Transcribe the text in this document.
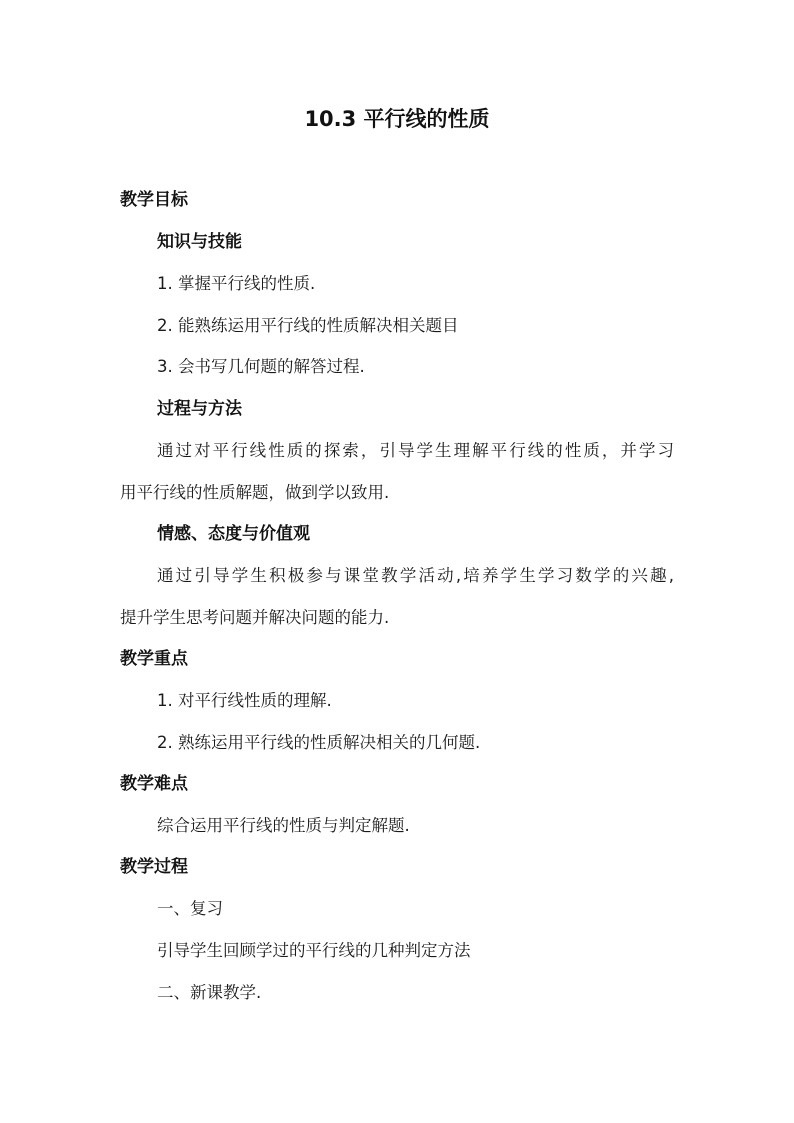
10.3 平行线的性质
教学目标
知识与技能
1. 掌握平行线的性质.
2. 能熟练运用平行线的性质解决相关题目
3. 会书写几何题的解答过程.
过程与方法
通过对平行线性质的探索，引导学生理解平行线的性质，并学习
用平行线的性质解题，做到学以致用.
情感、态度与价值观
通过引导学生积极参与课堂教学活动,培养学生学习数学的兴趣,
提升学生思考问题并解决问题的能力.
教学重点
1. 对平行线性质的理解.
2. 熟练运用平行线的性质解决相关的几何题.
教学难点
综合运用平行线的性质与判定解题.
教学过程
一、复习
引导学生回顾学过的平行线的几种判定方法
二、新课教学.
